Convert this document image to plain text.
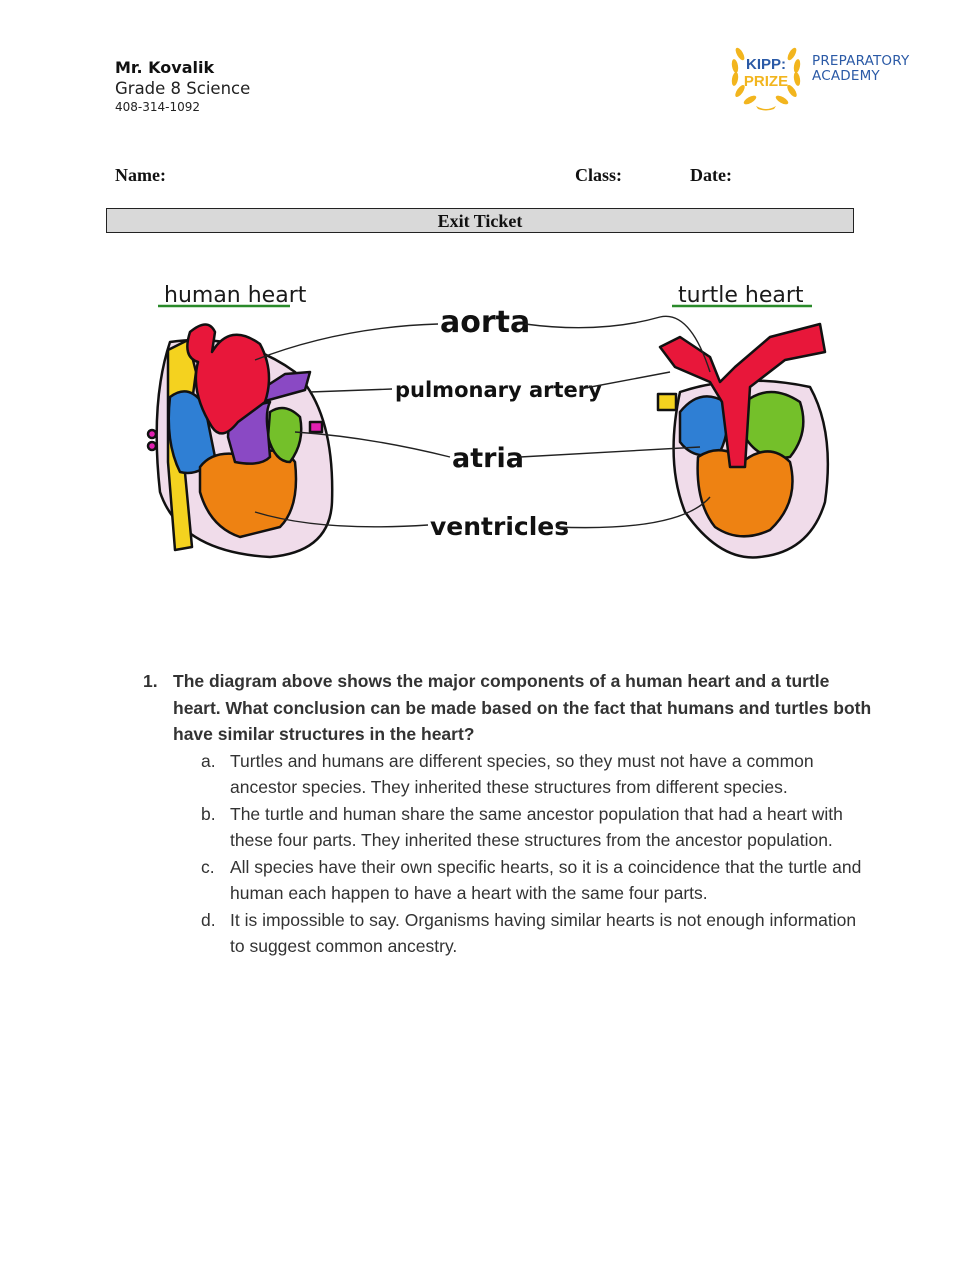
Mr. Kovalik
Grade 8 Science
408-314-1092
KIPP:
PRIZE
PREPARATORY
ACADEMY
Name:	Class:	Date:
Exit Ticket
human heart	turtle heart
aorta
pulmonary artery
atria
ventricles
1. The diagram above shows the major components of a human heart and a turtle heart. What conclusion can be made based on the fact that humans and turtles both have similar structures in the heart?
a. Turtles and humans are different species, so they must not have a common ancestor species. They inherited these structures from different species.
b. The turtle and human share the same ancestor population that had a heart with these four parts. They inherited these structures from the ancestor population.
c. All species have their own specific hearts, so it is a coincidence that the turtle and human each happen to have a heart with the same four parts.
d. It is impossible to say. Organisms having similar hearts is not enough information to suggest common ancestry.
